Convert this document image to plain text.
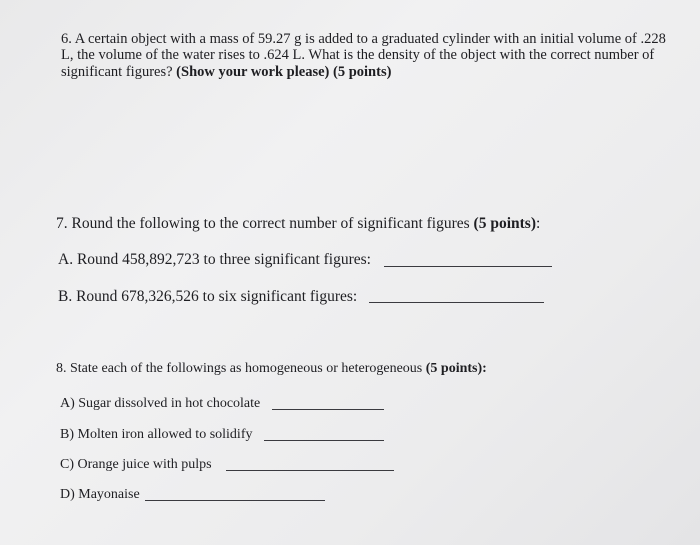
6. A certain object with a mass of 59.27 g is added to a graduated cylinder with an initial volume of .228
L, the volume of the water rises to .624 L. What is the density of the object with the correct number of
significant figures? (Show your work please) (5 points)
7. Round the following to the correct number of significant figures (5 points):
A. Round 458,892,723 to three significant figures:
B. Round 678,326,526 to six significant figures:
8. State each of the followings as homogeneous or heterogeneous (5 points):
A) Sugar dissolved in hot chocolate
B) Molten iron allowed to solidify
C) Orange juice with pulps
D) Mayonaise
